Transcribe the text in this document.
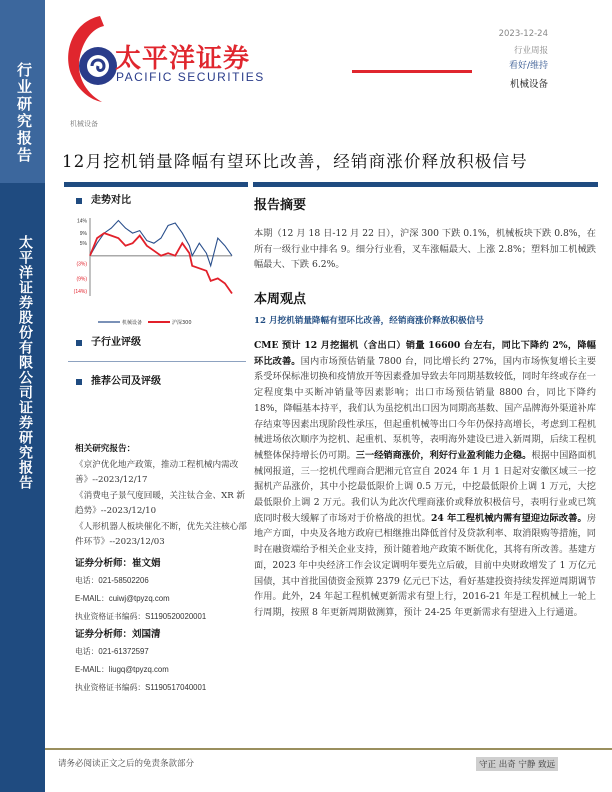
行业研究报告
太平洋证券股份有限公司证券研究报告
太平洋证券
PACIFIC SECURITIES
2023-12-24
行业周报
看好/维持
机械设备
机械设备
12月挖机销量降幅有望环比改善，经销商涨价释放积极信号
走势对比
14%
9%
5%
(3%)
(9%)
(14%)
机械设备	沪深300
子行业评级
推荐公司及评级
相关研究报告：
《京沪优化地产政策，推动工程机械内需改善》--2023/12/17
《消费电子景气度回暖，关注钛合金、XR 新趋势》--2023/12/10
《人形机器人板块催化不断，优先关注核心部件环节》--2023/12/03
证券分析师：崔文娟
电话：021-58502206
E-MAIL：cuiwj@tpyzq.com
执业资格证书编码：S1190520020001
证券分析师：刘国清
电话：021-61372597
E-MAIL：liugq@tpyzq.com
执业资格证书编码：S1190517040001
报告摘要
本期（12 月 18 日-12 月 22 日），沪深 300 下跌 0.1%，机械板块下跌 0.8%，在所有一级行业中排名 9。细分行业看，叉车涨幅最大、上涨 2.8%；塑料加工机械跌幅最大、下跌 6.2%。
本周观点
12 月挖机销量降幅有望环比改善，经销商涨价释放积极信号
CME 预计 12 月挖掘机（含出口）销量 16600 台左右，同比下降约 2%，降幅环比改善。国内市场预估销量 7800 台，同比增长约 27%，国内市场恢复增长主要系受环保标准切换和疫情放开等因素叠加导致去年同期基数较低，同时年终或存在一定程度集中买断冲销量等因素影响；出口市场预估销量 8800 台，同比下降约 18%，降幅基本持平，我们认为虽挖机出口因为同期高基数、国产品牌海外渠道补库存结束等因素出现阶段性承压，但起重机械等出口今年仍保持高增长，考虑到工程机械进场依次顺序为挖机、起重机、泵机等，表明海外建设已进入新周期，后续工程机械整体保持增长仍可期。三一经销商涨价，利好行业盈利能力企稳。根据中国路面机械网报道，三一挖机代理商合肥湘元官宣自 2024 年 1 月 1 日起对安徽区域三一挖掘机产品涨价，其中小挖最低限价上调 0.5 万元，中挖最低限价上调 1 万元，大挖最低限价上调 2 万元。我们认为此次代理商涨价或释放积极信号，表明行业或已筑底同时极大缓解了市场对于价格战的担忧。24 年工程机械内需有望迎边际改善。房地产方面，中央及各地方政府已相继推出降低首付及贷款利率、取消限购等措施，同时在融资端给予相关企业支持，预计随着地产政策不断优化，其将有所改善。基建方面，2023 年中央经济工作会议定调明年要先立后破，目前中央财政增发了 1 万亿元国债，其中首批国债资金预算 2379 亿元已下达，看好基建投资持续发挥逆周期调节作用。此外，24 年起工程机械更新需求有望上行，2016-21 年是工程机械上一轮上行周期，按照 8 年更新周期做测算，预计 24-25 年更新需求有望进入上行通道。
请务必阅读正文之后的免责条款部分	守正 出奇 宁静 致远
